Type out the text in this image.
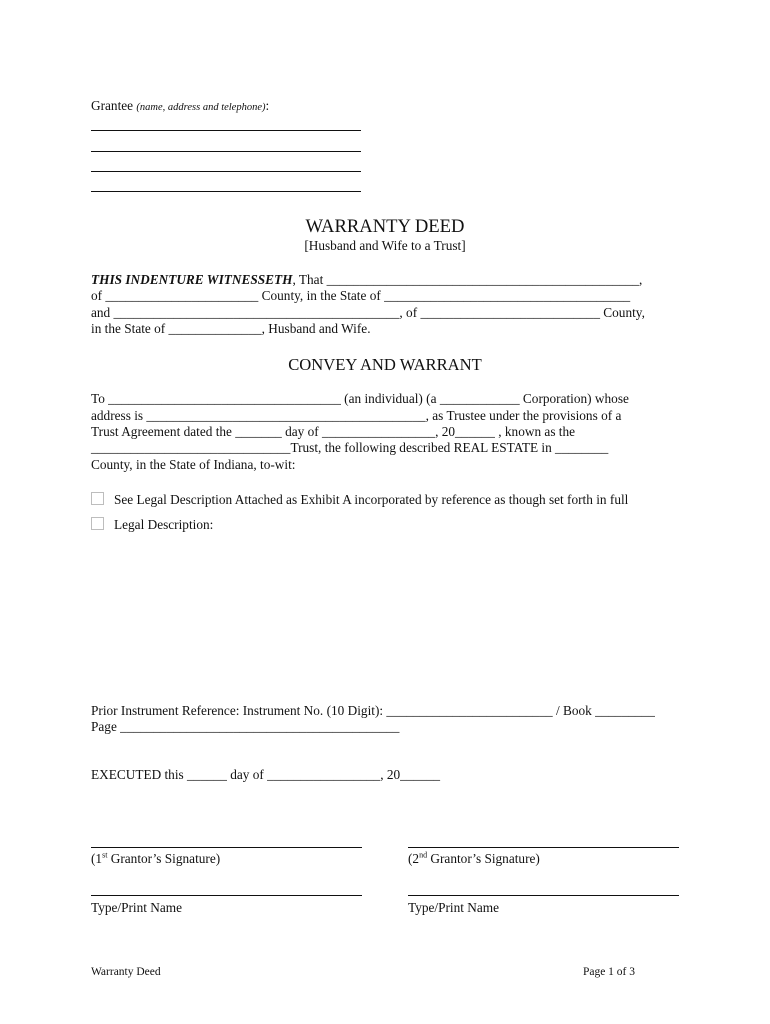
Grantee (name, address and telephone):
WARRANTY DEED
[Husband and Wife to a Trust]
THIS INDENTURE WITNESSETH, That _______________________________________________,
of _______________________ County, in the State of _____________________________________
and ___________________________________________, of ___________________________ County,
in the State of ______________, Husband and Wife.
CONVEY AND WARRANT
To ___________________________________ (an individual) (a ____________ Corporation) whose
address is __________________________________________, as Trustee under the provisions of a
Trust Agreement dated the _______ day of _________________, 20______ , known as the
______________________________Trust, the following described REAL ESTATE in ________
County, in the State of Indiana, to-wit:
See Legal Description Attached as Exhibit A incorporated by reference as though set forth in full
Legal Description:
Prior Instrument Reference: Instrument No. (10 Digit): _________________________ / Book _________
Page __________________________________________
EXECUTED this ______ day of _________________, 20______
(1st Grantor’s Signature)	(2nd Grantor’s Signature)
Type/Print Name	Type/Print Name
Warranty Deed	Page 1 of 3
